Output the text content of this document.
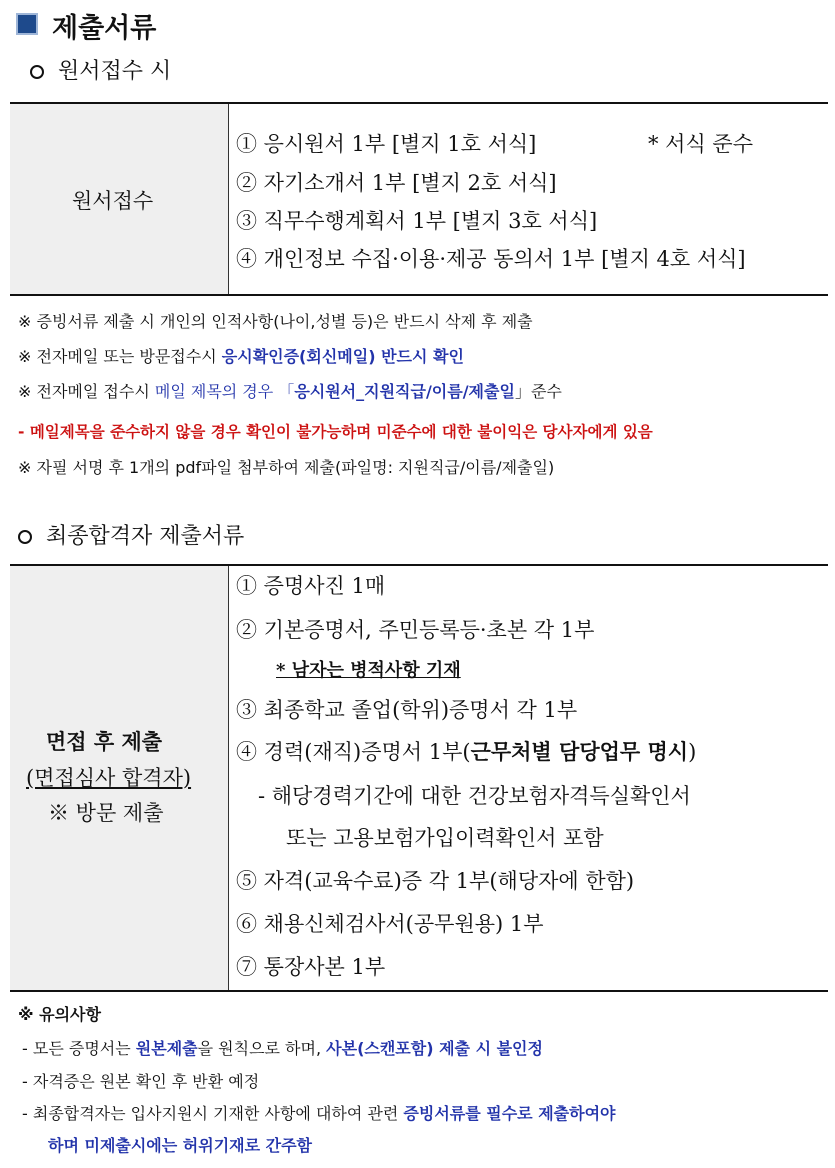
제출서류
원서접수 시
원서접수
① 응시원서 1부 [별지 1호 서식]	* 서식 준수
② 자기소개서 1부 [별지 2호 서식]
③ 직무수행계획서 1부 [별지 3호 서식]
④ 개인정보 수집·이용·제공 동의서 1부 [별지 4호 서식]
※ 증빙서류 제출 시 개인의 인적사항(나이,성별 등)은 반드시 삭제 후 제출
※ 전자메일 또는 방문접수시 응시확인증(회신메일) 반드시 확인
※ 전자메일 접수시 메일 제목의 경우 「응시원서_지원직급/이름/제출일」준수
- 메일제목을 준수하지 않을 경우 확인이 불가능하며 미준수에 대한 불이익은 당사자에게 있음
※ 자필 서명 후 1개의 pdf파일 첨부하여 제출(파일명: 지원직급/이름/제출일)
최종합격자 제출서류
면접 후 제출
(면접심사 합격자)
※ 방문 제출
① 증명사진 1매
② 기본증명서, 주민등록등·초본 각 1부
* 남자는 병적사항 기재
③ 최종학교 졸업(학위)증명서 각 1부
④ 경력(재직)증명서 1부(근무처별 담당업무 명시)
- 해당경력기간에 대한 건강보험자격득실확인서
또는 고용보험가입이력확인서 포함
⑤ 자격(교육수료)증 각 1부(해당자에 한함)
⑥ 채용신체검사서(공무원용) 1부
⑦ 통장사본 1부
※ 유의사항
- 모든 증명서는 원본제출을 원칙으로 하며, 사본(스캔포함) 제출 시 불인정
- 자격증은 원본 확인 후 반환 예정
- 최종합격자는 입사지원시 기재한 사항에 대하여 관련 증빙서류를 필수로 제출하여야
하며 미제출시에는 허위기재로 간주함
